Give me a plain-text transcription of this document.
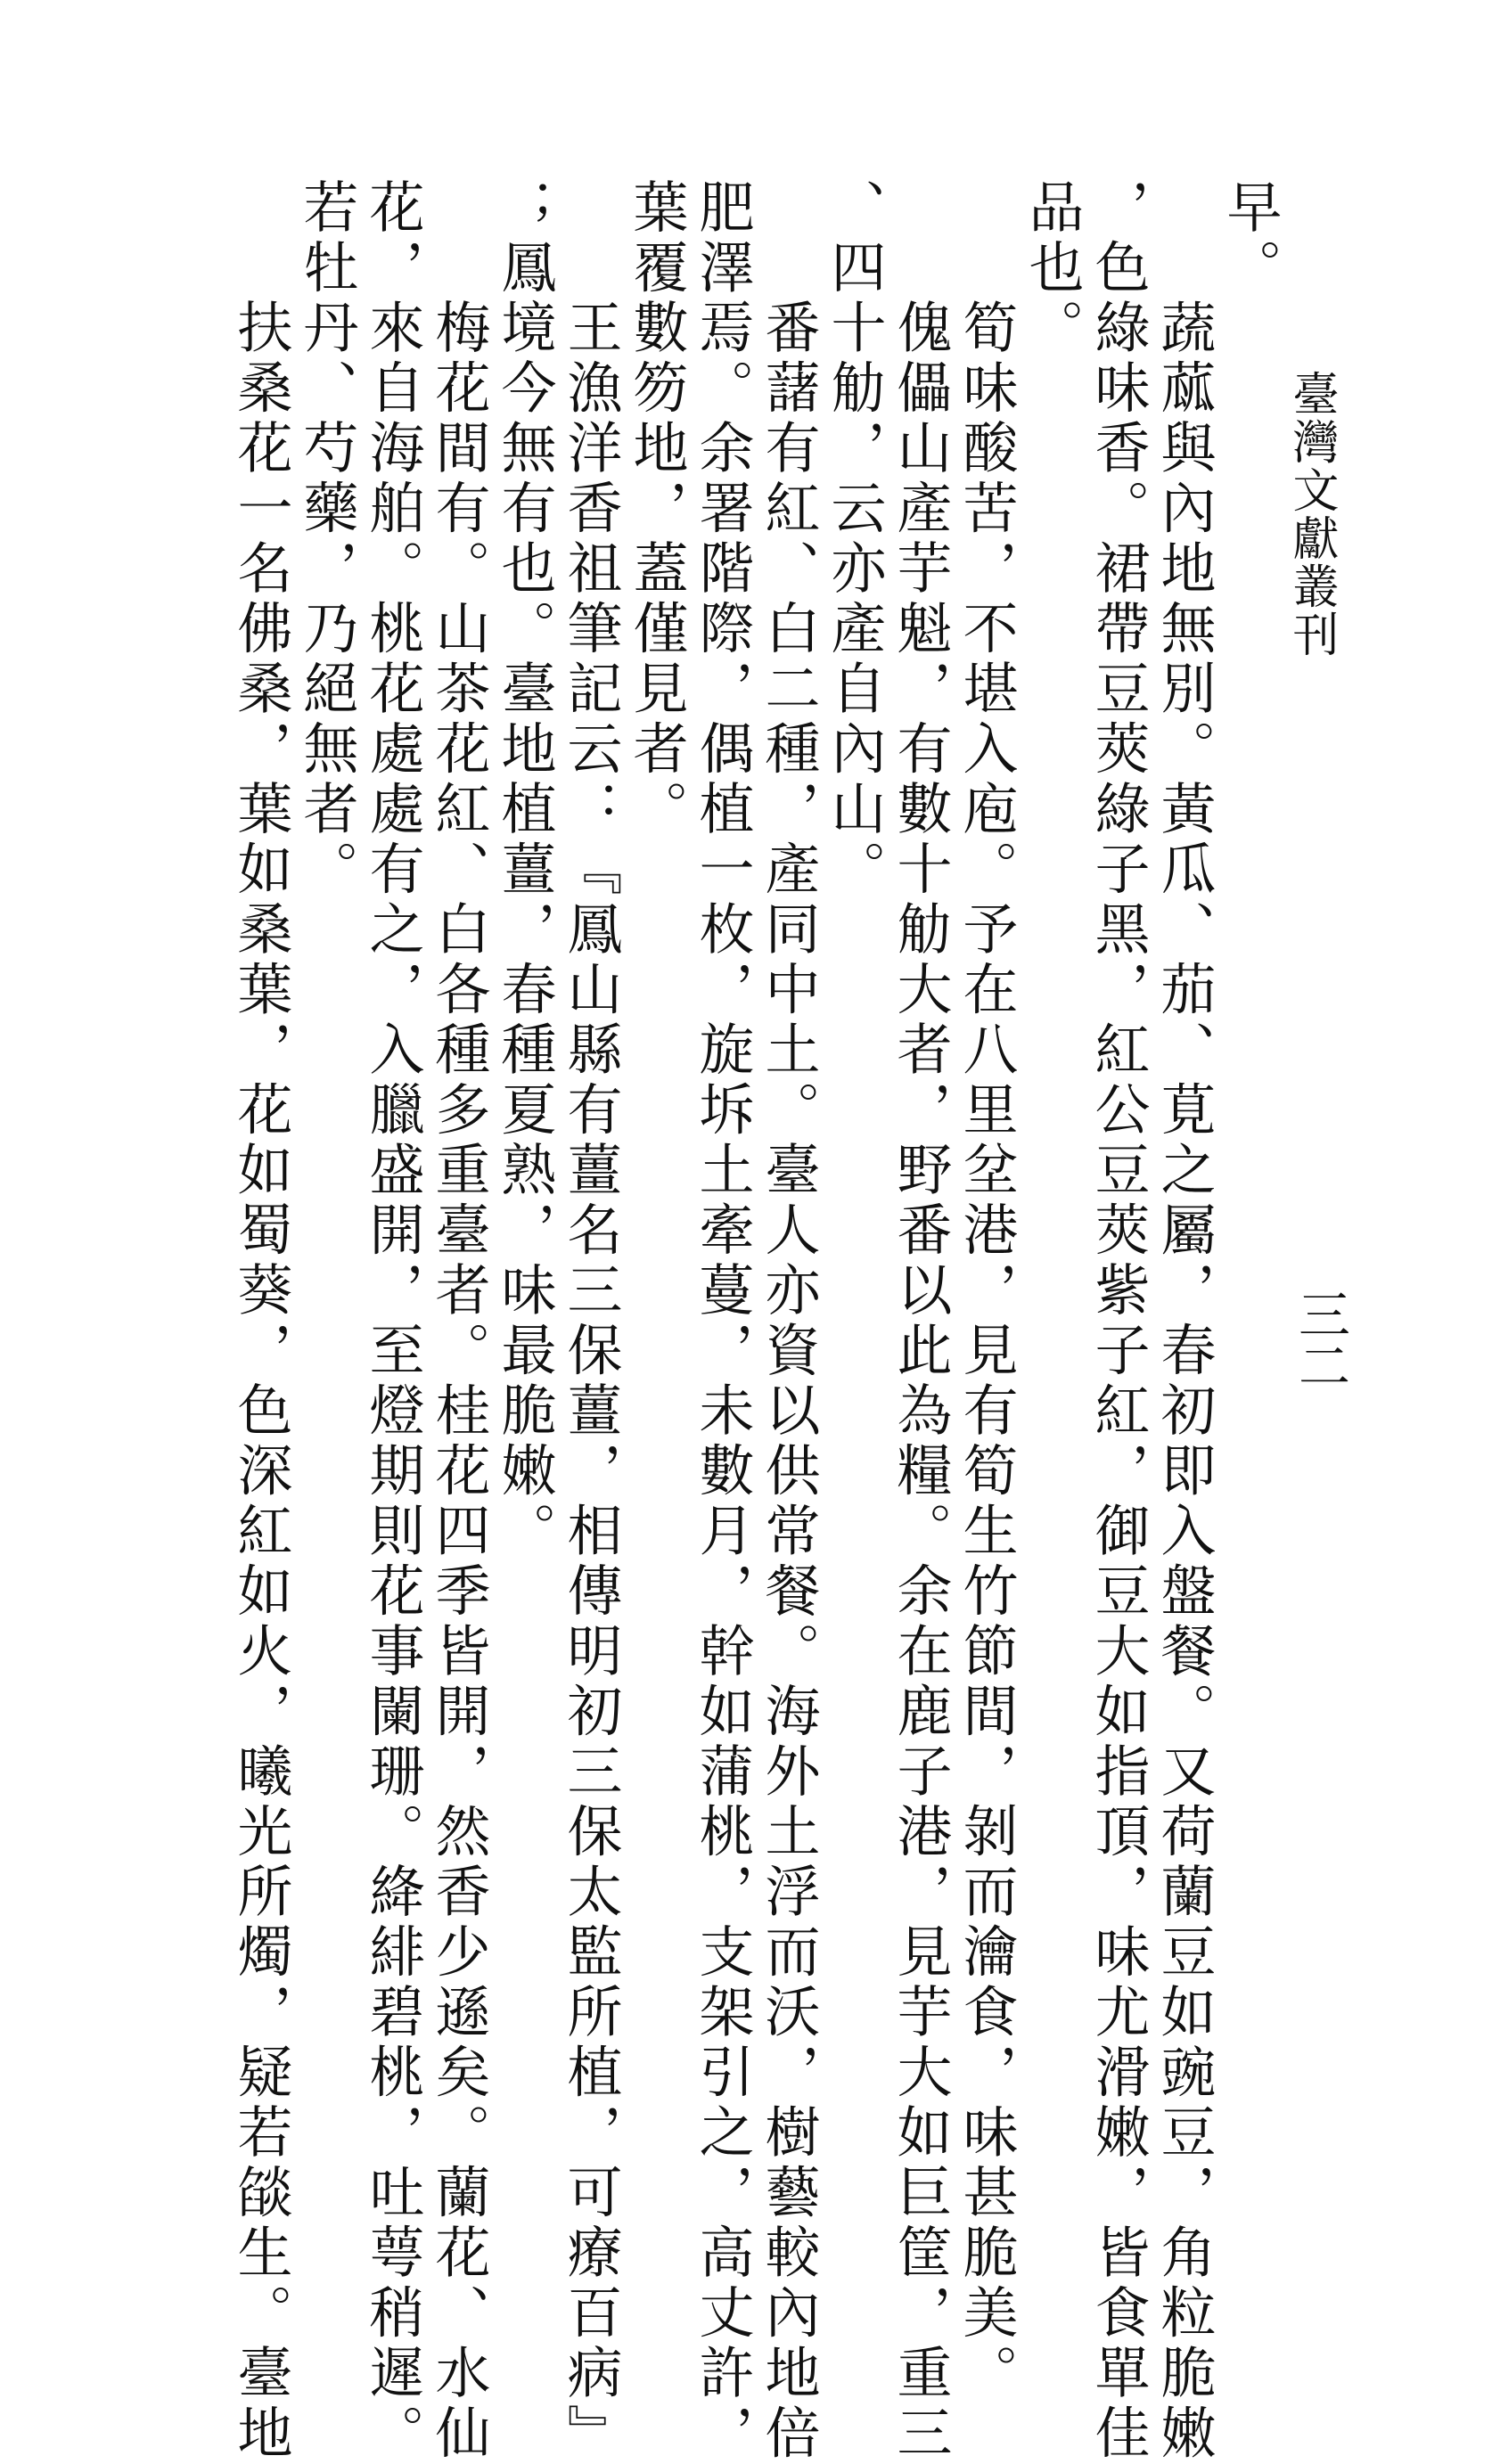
臺灣文獻叢刊
三二
早。
蔬蓏與內地無別。黃瓜、茄、莧之屬，春初即入盤餐。又荷蘭豆如豌豆，角粒脆嫩
，色綠味香。裙帶豆莢綠子黑，紅公豆莢紫子紅，御豆大如指頂，味尤滑嫩，皆食單佳
品也。
筍味酸苦，不堪入庖。予在八里坌港，見有筍生竹節間，剝而瀹食，味甚脆美。
傀儡山產芋魁，有數十觔大者，野番以此為糧。余在鹿子港，見芋大如巨筐，重三
、四十觔，云亦產自內山。
番藷有紅、白二種，產同中土。臺人亦資以供常餐。海外土浮而沃，樹藝較內地倍
肥澤焉。余署階際，偶植一枚，旋坼土牽蔓，未數月，幹如蒲桃，支架引之，高丈許，
葉覆數笏地，蓋僅見者。
王漁洋香祖筆記云：『鳳山縣有薑名三保薑，相傳明初三保太監所植，可療百病』
；鳳境今無有也。臺地植薑，春種夏熟，味最脆嫩。
梅花間有。山茶花紅、白各種多重臺者。桂花四季皆開，然香少遜矣。蘭花、水仙
花，來自海舶。桃花處處有之，入臘盛開，至燈期則花事闌珊。絳緋碧桃，吐萼稍遲。
若牡丹、芍藥，乃絕無者。
扶桑花一名佛桑，葉如桑葉，花如蜀葵，色深紅如火，曦光所燭，疑若燄生。臺地
